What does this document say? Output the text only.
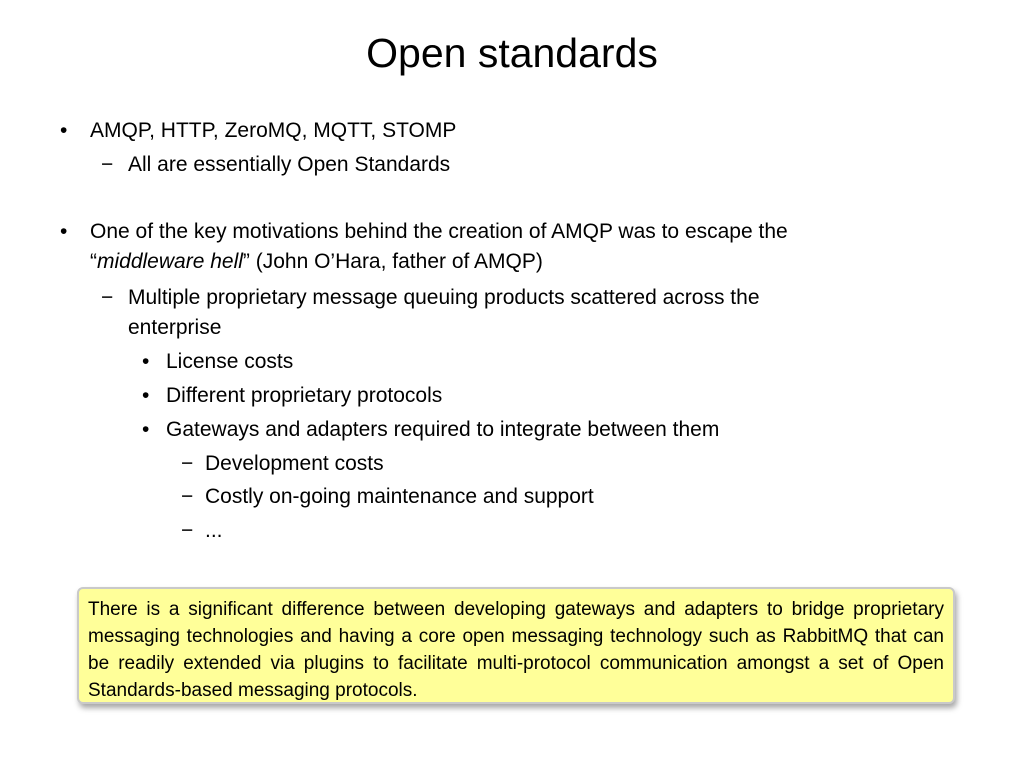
Open standards
• AMQP, HTTP, ZeroMQ, MQTT, STOMP
− All are essentially Open Standards
• One of the key motivations behind the creation of AMQP was to escape the
“middleware hell” (John O’Hara, father of AMQP)
− Multiple proprietary message queuing products scattered across the
enterprise
• License costs
• Different proprietary protocols
• Gateways and adapters required to integrate between them
− Development costs
− Costly on-going maintenance and support
− ...

There is a significant difference between developing gateways and adapters to bridge proprietary messaging technologies and having a core open messaging technology such as RabbitMQ that can be readily extended via plugins to facilitate multi-protocol communication amongst a set of Open Standards-based messaging protocols.
